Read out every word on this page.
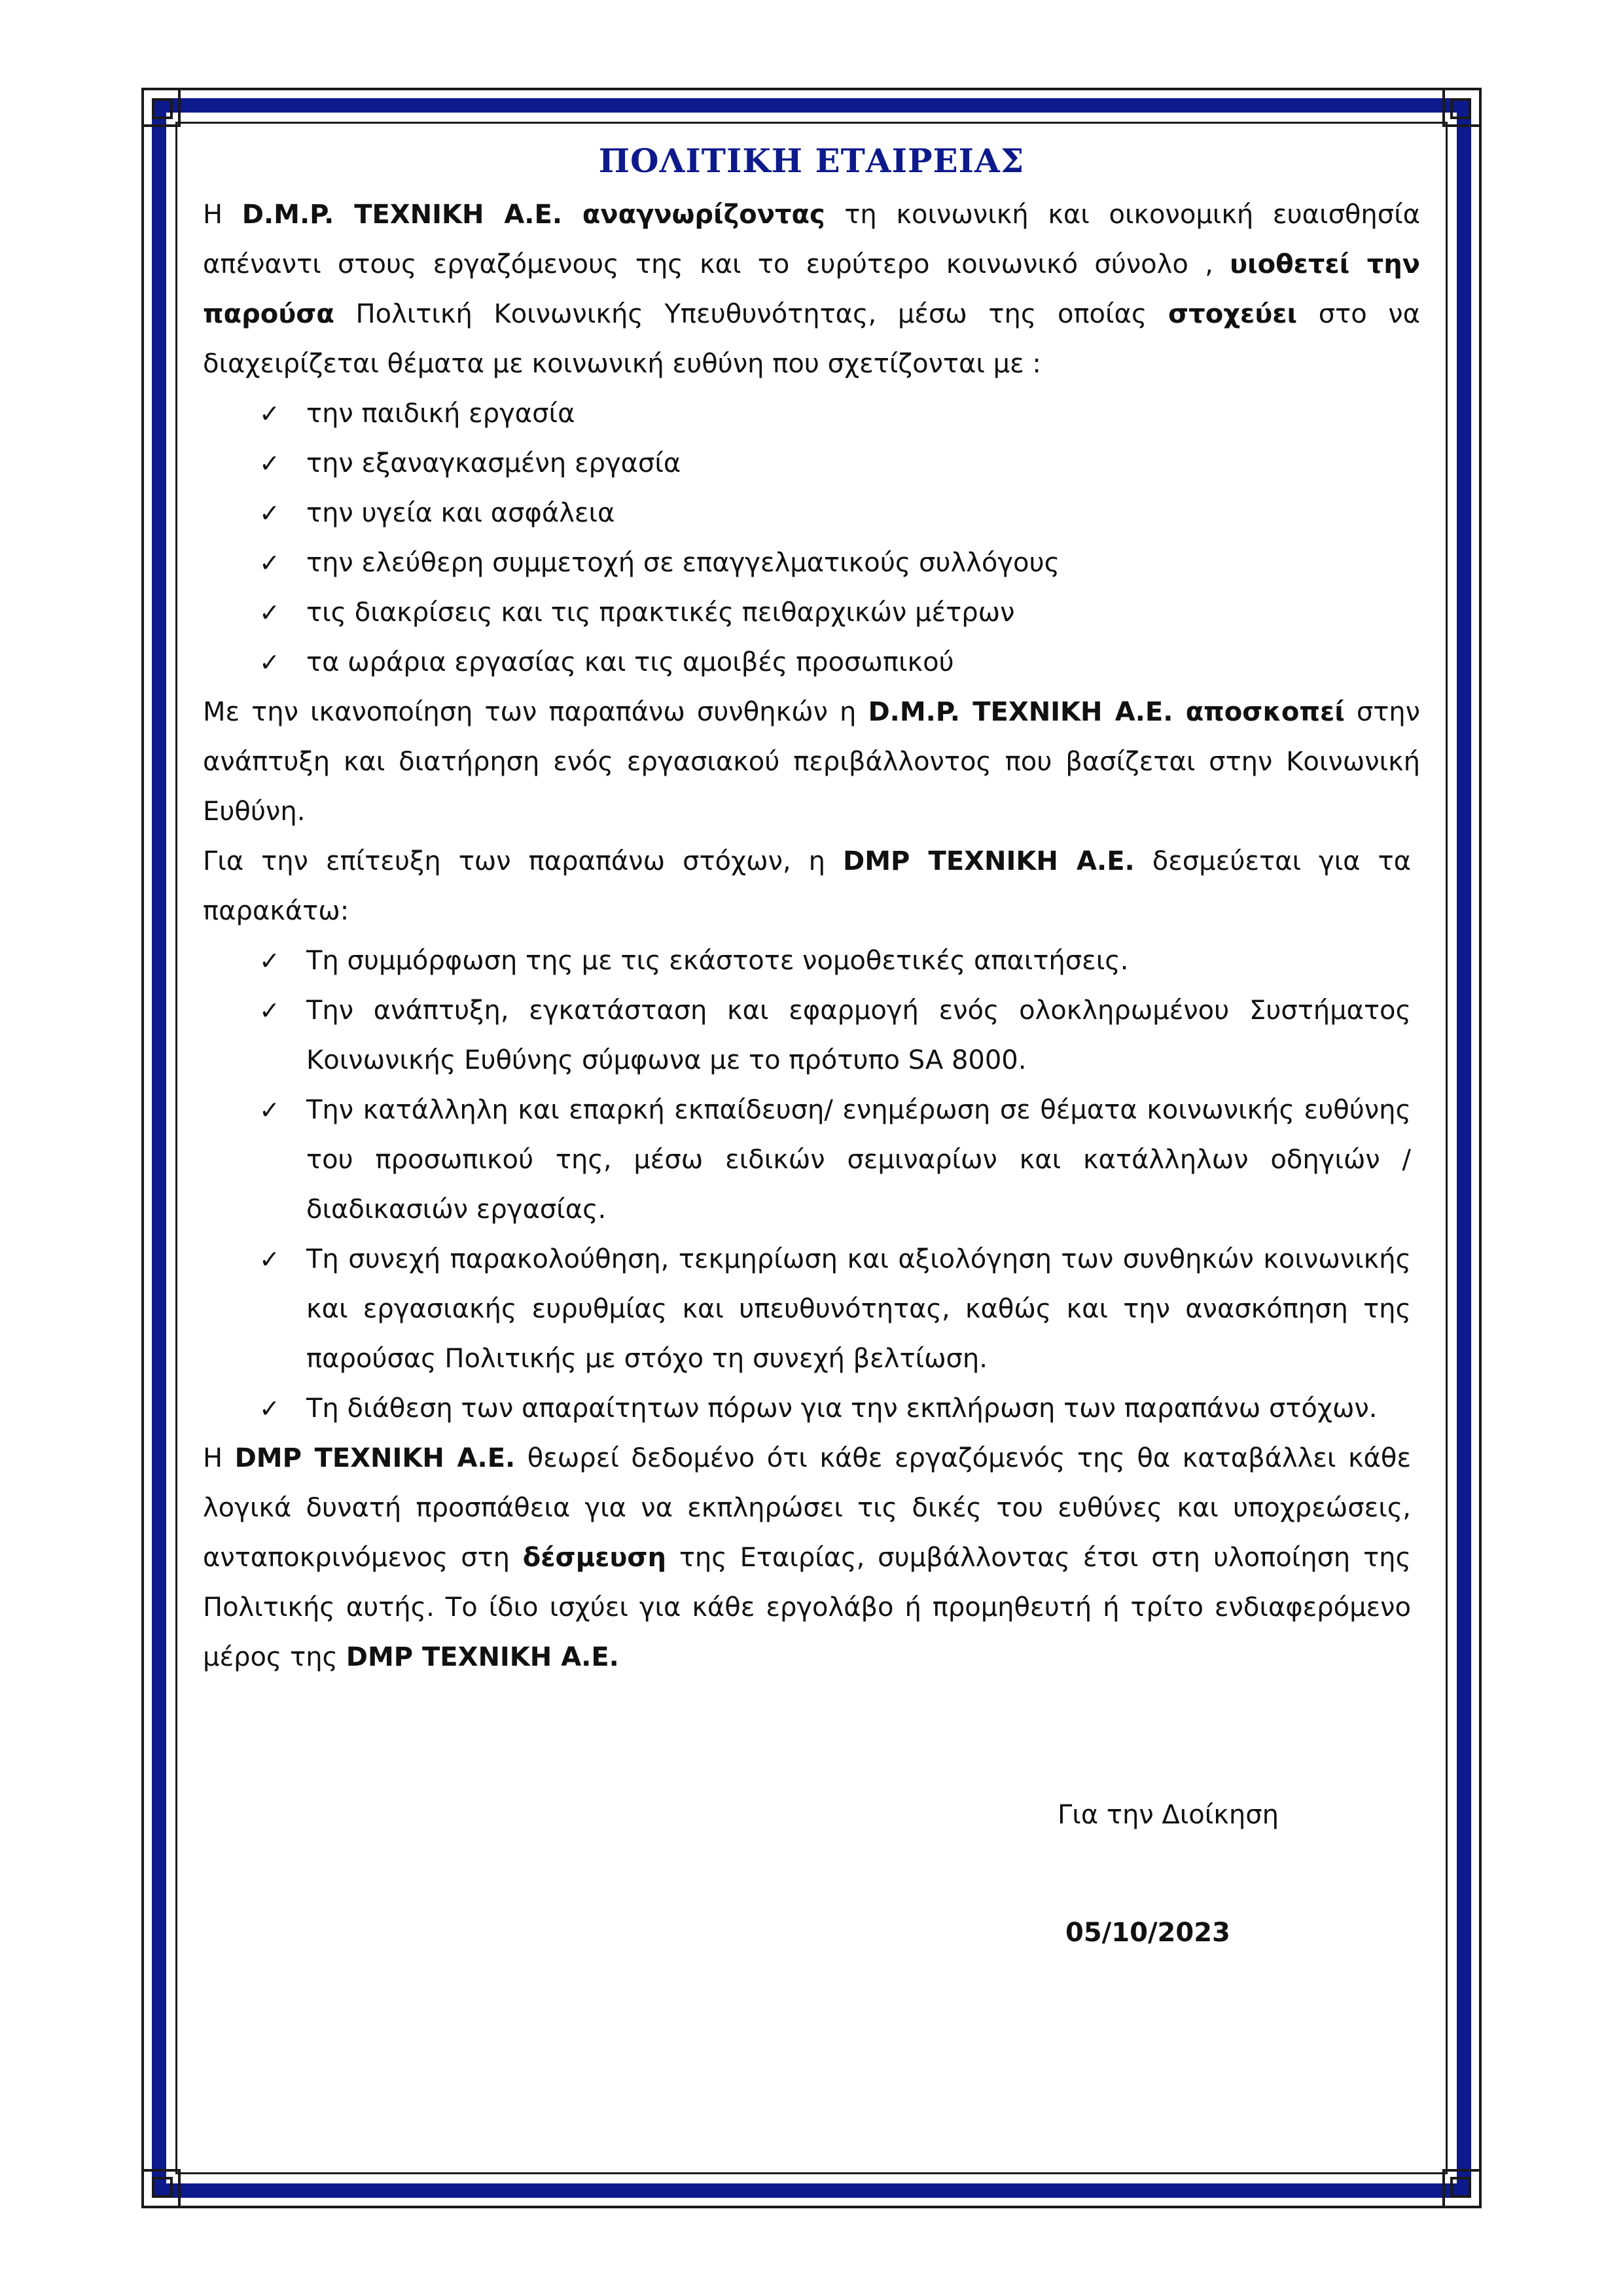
ΠΟΛΙΤΙΚΗ ΕΤΑΙΡΕΙΑΣ

Η D.M.P. ΤΕΧΝΙΚΗ Α.Ε. αναγνωρίζοντας τη κοινωνική και οικονομική ευαισθησία απέναντι στους εργαζόμενους της και το ευρύτερο κοινωνικό σύνολο , υιοθετεί την παρούσα Πολιτική Κοινωνικής Υπευθυνότητας, μέσω της οποίας στοχεύει στο να διαχειρίζεται θέματα με κοινωνική ευθύνη που σχετίζονται με :

✓ την παιδική εργασία
✓ την εξαναγκασμένη εργασία
✓ την υγεία και ασφάλεια
✓ την ελεύθερη συμμετοχή σε επαγγελματικούς συλλόγους
✓ τις διακρίσεις και τις πρακτικές πειθαρχικών μέτρων
✓ τα ωράρια εργασίας και τις αμοιβές προσωπικού

Με την ικανοποίηση των παραπάνω συνθηκών η D.M.P. ΤΕΧΝΙΚΗ Α.Ε. αποσκοπεί στην ανάπτυξη και διατήρηση ενός εργασιακού περιβάλλοντος που βασίζεται στην Κοινωνική Ευθύνη.

Για την επίτευξη των παραπάνω στόχων, η DMP ΤΕΧΝΙΚΗ Α.Ε. δεσμεύεται για τα παρακάτω:

✓ Τη συμμόρφωση της με τις εκάστοτε νομοθετικές απαιτήσεις.
✓ Την ανάπτυξη, εγκατάσταση και εφαρμογή ενός ολοκληρωμένου Συστήματος Κοινωνικής Ευθύνης σύμφωνα με το πρότυπο SA 8000.
✓ Την κατάλληλη και επαρκή εκπαίδευση/ ενημέρωση σε θέματα κοινωνικής ευθύνης του προσωπικού της, μέσω ειδικών σεμιναρίων και κατάλληλων οδηγιών / διαδικασιών εργασίας.
✓ Τη συνεχή παρακολούθηση, τεκμηρίωση και αξιολόγηση των συνθηκών κοινωνικής και εργασιακής ευρυθμίας και υπευθυνότητας, καθώς και την ανασκόπηση της παρούσας Πολιτικής με στόχο τη συνεχή βελτίωση.
✓ Τη διάθεση των απαραίτητων πόρων για την εκπλήρωση των παραπάνω στόχων.

Η DMP ΤΕΧΝΙΚΗ Α.Ε. θεωρεί δεδομένο ότι κάθε εργαζόμενός της θα καταβάλλει κάθε λογικά δυνατή προσπάθεια για να εκπληρώσει τις δικές του ευθύνες και υποχρεώσεις, ανταποκρινόμενος στη δέσμευση της Εταιρίας, συμβάλλοντας έτσι στη υλοποίηση της Πολιτικής αυτής. Το ίδιο ισχύει για κάθε εργολάβο ή προμηθευτή ή τρίτο ενδιαφερόμενο μέρος της DMP ΤΕΧΝΙΚΗ Α.Ε.

Για την Διοίκηση
05/10/2023
